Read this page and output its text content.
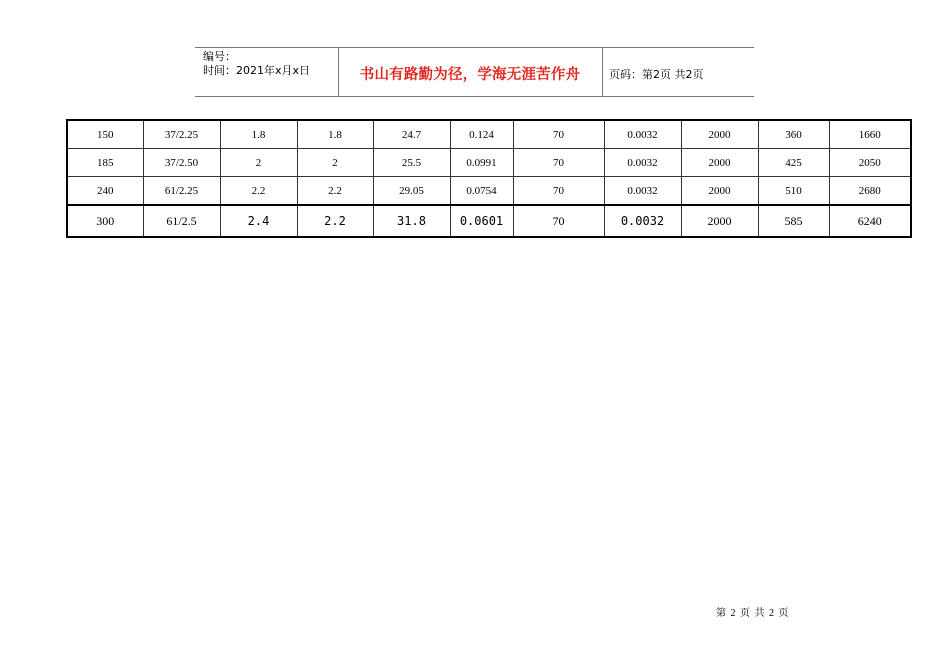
编号：
时间：2021年x月x日	书山有路勤为径，学海无涯苦作舟	页码：第2页 共2页
150	37/2.25	1.8	1.8	24.7	0.124	70	0.0032	2000	360	1660
185	37/2.50	2	2	25.5	0.0991	70	0.0032	2000	425	2050
240	61/2.25	2.2	2.2	29.05	0.0754	70	0.0032	2000	510	2680
300	61/2.5	2.4	2.2	31.8	0.0601	70	0.0032	2000	585	6240
第 2 页 共 2 页
